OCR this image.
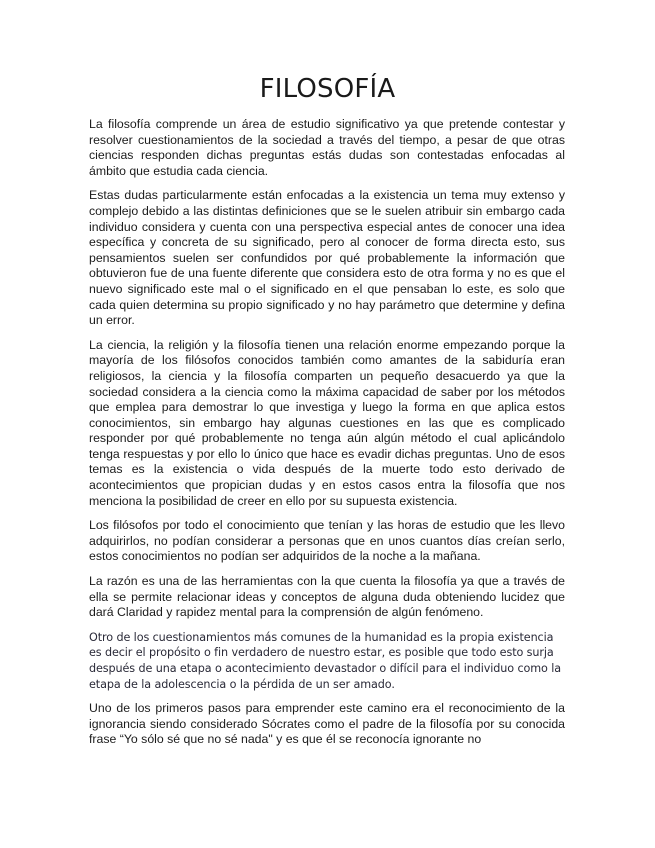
FILOSOFÍA

La filosofía comprende un área de estudio significativo ya que pretende contestar y resolver cuestionamientos de la sociedad a través del tiempo, a pesar de que otras ciencias responden dichas preguntas estás dudas son contestadas enfocadas al ámbito que estudia cada ciencia.

Estas dudas particularmente están enfocadas a la existencia un tema muy extenso y complejo debido a las distintas definiciones que se le suelen atribuir sin embargo cada individuo considera y cuenta con una perspectiva especial antes de conocer una idea específica y concreta de su significado, pero al conocer de forma directa esto, sus pensamientos suelen ser confundidos por qué probablemente la información que obtuvieron fue de una fuente diferente que considera esto de otra forma y no es que el nuevo significado este mal o el significado en el que pensaban lo este, es solo que cada quien determina su propio significado y no hay parámetro que determine y defina un error.

La ciencia, la religión y la filosofía tienen una relación enorme empezando porque la mayoría de los filósofos conocidos también como amantes de la sabiduría eran religiosos, la ciencia y la filosofía comparten un pequeño desacuerdo ya que la sociedad considera a la ciencia como la máxima capacidad de saber por los métodos que emplea para demostrar lo que investiga y luego la forma en que aplica estos conocimientos, sin embargo hay algunas cuestiones en las que es complicado responder por qué probablemente no tenga aún algún método el cual aplicándolo tenga respuestas y por ello lo único que hace es evadir dichas preguntas. Uno de esos temas es la existencia o vida después de la muerte todo esto derivado de acontecimientos que propician dudas y en estos casos entra la filosofía que nos menciona la posibilidad de creer en ello por su supuesta existencia.

Los filósofos por todo el conocimiento que tenían y las horas de estudio que les llevo adquirirlos, no podían considerar a personas que en unos cuantos días creían serlo, estos conocimientos no podían ser adquiridos de la noche a la mañana.

La razón es una de las herramientas con la que cuenta la filosofía ya que a través de ella se permite relacionar ideas y conceptos de alguna duda obteniendo lucidez que dará Claridad y rapidez mental para la comprensión de algún fenómeno.

Otro de los cuestionamientos más comunes de la humanidad es la propia existencia es decir el propósito o fin verdadero de nuestro estar, es posible que todo esto surja después de una etapa o acontecimiento devastador o difícil para el individuo como la etapa de la adolescencia o la pérdida de un ser amado.

Uno de los primeros pasos para emprender este camino era el reconocimiento de la ignorancia siendo considerado Sócrates como el padre de la filosofía por su conocida frase “Yo sólo sé que no sé nada" y es que él se reconocía ignorante no
